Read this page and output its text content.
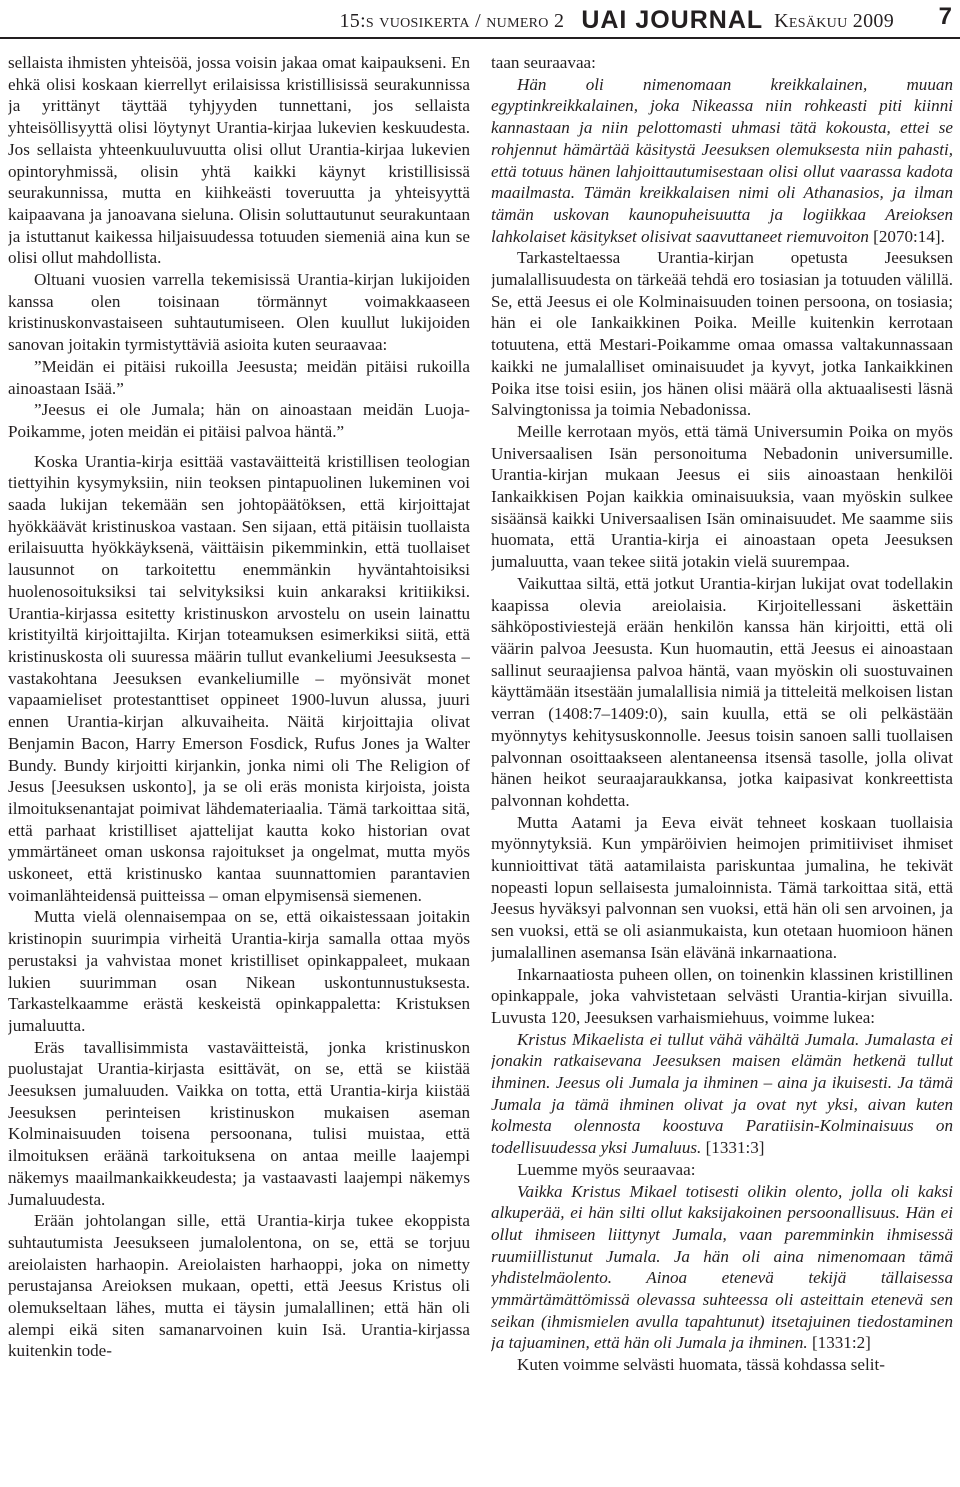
15:s vuosikerta / numero 2 UAI JOURNAL Kesäkuu 2009 7

sellaista ihmisten yhteisöä, jossa voisin jakaa omat kaipaukseni. En ehkä olisi koskaan kierrellyt erilaisissa kristillisissä seurakunnissa ja yrittänyt täyttää tyhjyyden tunnettani, jos sellaista yhteisöllisyyttä olisi löytynyt Urantia-kirjaa lukevien keskuudesta. Jos sellaista yhteenkuuluvuutta olisi ollut Urantia-kirjaa lukevien opintoryhmissä, olisin yhtä kaikki käynyt kristillisissä seurakunnissa, mutta en kiihkeästi toveruutta ja yhteisyyttä kaipaavana ja janoavana sieluna. Olisin soluttautunut seurakuntaan ja istuttanut kaikessa hiljaisuudessa totuuden siemeniä aina kun se olisi ollut mahdollista.

Oltuani vuosien varrella tekemisissä Urantia-kirjan lukijoiden kanssa olen toisinaan törmännyt voimakkaaseen kristinuskonvastaiseen suhtautumiseen. Olen kuullut lukijoiden sanovan joitakin tyrmistyttäviä asioita kuten seuraavaa:

”Meidän ei pitäisi rukoilla Jeesusta; meidän pitäisi rukoilla ainoastaan Isää.”

”Jeesus ei ole Jumala; hän on ainoastaan meidän Luoja-Poikamme, joten meidän ei pitäisi palvoa häntä.”

Koska Urantia-kirja esittää vastaväitteitä kristillisen teologian tiettyihin kysymyksiin, niin teoksen pintapuolinen lukeminen voi saada lukijan tekemään sen johtopäätöksen, että kirjoittajat hyökkäävät kristinuskoa vastaan. Sen sijaan, että pitäisin tuollaista erilaisuutta hyökkäyksenä, väittäisin pikemminkin, että tuollaiset lausunnot on tarkoitettu enemmänkin hyväntahtoisiksi huolenosoituksiksi tai selvityksiksi kuin ankaraksi kritiikiksi. Urantia-kirjassa esitetty kristinuskon arvostelu on usein lainattu kristityiltä kirjoittajilta. Kirjan toteamuksen esimerkiksi siitä, että kristinuskosta oli suuressa määrin tullut evankeliumi Jeesuksesta – vastakohtana Jeesuksen evankeliumille – myönsivät monet vapaamieliset protestanttiset oppineet 1900-luvun alussa, juuri ennen Urantia-kirjan alkuvaiheita. Näitä kirjoittajia olivat Benjamin Bacon, Harry Emerson Fosdick, Rufus Jones ja Walter Bundy. Bundy kirjoitti kirjankin, jonka nimi oli The Religion of Jesus [Jeesuksen uskonto], ja se oli eräs monista kirjoista, joista ilmoituksenantajat poimivat lähdemateriaalia. Tämä tarkoittaa sitä, että parhaat kristilliset ajattelijat kautta koko historian ovat ymmärtäneet oman uskonsa rajoitukset ja ongelmat, mutta myös uskoneet, että kristinusko kantaa suunnattomien parantavien voimanlähteidensä puitteissa – oman elpymisensä siemenen.

Mutta vielä olennaisempaa on se, että oikaistessaan joitakin kristinopin suurimpia virheitä Urantia-kirja samalla ottaa myös perustaksi ja vahvistaa monet kristilliset opinkappaleet, mukaan lukien suurimman osan Nikean uskontunnustuksesta. Tarkastelkaamme erästä keskeistä opinkappaletta: Kristuksen jumaluutta.

Eräs tavallisimmista vastaväitteistä, jonka kristinuskon puolustajat Urantia-kirjasta esittävät, on se, että se kiistää Jeesuksen jumaluuden. Vaikka on totta, että Urantia-kirja kiistää Jeesuksen perinteisen kristinuskon mukaisen aseman Kolminaisuuden toisena persoonana, tulisi muistaa, että ilmoituksen eräänä tarkoituksena on antaa meille laajempi näkemys maailmankaikkeudesta; ja vastaavasti laajempi näkemys Jumaluudesta.

Erään johtolangan sille, että Urantia-kirja tukee ekoppista suhtautumista Jeesukseen jumalolentona, on se, että se torjuu areiolaisten harhaopin. Areiolaisten harhaoppi, joka on nimetty perustajansa Areioksen mukaan, opetti, että Jeesus Kristus oli olemukseltaan lähes, mutta ei täysin jumalallinen; että hän oli alempi eikä siten samanarvoinen kuin Isä. Urantia-kirjassa kuitenkin tode-

taan seuraavaa:

Hän oli nimenomaan kreikkalainen, muuan egyptinkreikkalainen, joka Nikeassa niin rohkeasti piti kiinni kannastaan ja niin pelottomasti uhmasi tätä kokousta, ettei se rohjennut hämärtää käsitystä Jeesuksen olemuksesta niin pahasti, että totuus hänen lahjoittautumisestaan olisi ollut vaarassa kadota maailmasta. Tämän kreikkalaisen nimi oli Athanasios, ja ilman tämän uskovan kaunopuheisuutta ja logiikkaa Areioksen lahkolaiset käsitykset olisivat saavuttaneet riemuvoiton [2070:14].

Tarkasteltaessa Urantia-kirjan opetusta Jeesuksen jumalallisuudesta on tärkeää tehdä ero tosiasian ja totuuden välillä. Se, että Jeesus ei ole Kolminaisuuden toinen persoona, on tosiasia; hän ei ole Iankaikkinen Poika. Meille kuitenkin kerrotaan totuutena, että Mestari-Poikamme omaa omassa valtakunnassaan kaikki ne jumalalliset ominaisuudet ja kyvyt, jotka Iankaikkinen Poika itse toisi esiin, jos hänen olisi määrä olla aktuaalisesti läsnä Salvingtonissa ja toimia Nebadonissa.

Meille kerrotaan myös, että tämä Universumin Poika on myös Universaalisen Isän personoituma Nebadonin universumille. Urantia-kirjan mukaan Jeesus ei siis ainoastaan henkilöi Iankaikkisen Pojan kaikkia ominaisuuksia, vaan myöskin sulkee sisäänsä kaikki Universaalisen Isän ominaisuudet. Me saamme siis huomata, että Urantia-kirja ei ainoastaan opeta Jeesuksen jumaluutta, vaan tekee siitä jotakin vielä suurempaa.

Vaikuttaa siltä, että jotkut Urantia-kirjan lukijat ovat todellakin kaapissa olevia areiolaisia. Kirjoitellessani äskettäin sähköpostiviestejä erään henkilön kanssa hän kirjoitti, että oli väärin palvoa Jeesusta. Kun huomautin, että Jeesus ei ainoastaan sallinut seuraajiensa palvoa häntä, vaan myöskin oli suostuvainen käyttämään itsestään jumalallisia nimiä ja titteleitä melkoisen listan verran (1408:7–1409:0), sain kuulla, että se oli pelkästään myönnytys kehitysuskonnolle. Jeesus toisin sanoen salli tuollaisen palvonnan osoittaakseen alentaneensa itsensä tasolle, jolla olivat hänen heikot seuraajaraukkansa, jotka kaipasivat konkreettista palvonnan kohdetta.

Mutta Aatami ja Eeva eivät tehneet koskaan tuollaisia myönnytyksiä. Kun ympäröivien heimojen primitiiviset ihmiset kunnioittivat tätä aatamilaista pariskuntaa jumalina, he tekivät nopeasti lopun sellaisesta jumaloinnista. Tämä tarkoittaa sitä, että Jeesus hyväksyi palvonnan sen vuoksi, että hän oli sen arvoinen, ja sen vuoksi, että se oli asianmukaista, kun otetaan huomioon hänen jumalallinen asemansa Isän elävänä inkarnaationa.

Inkarnaatiosta puheen ollen, on toinenkin klassinen kristillinen opinkappale, joka vahvistetaan selvästi Urantia-kirjan sivuilla. Luvusta 120, Jeesuksen varhaismiehuus, voimme lukea:

Kristus Mikaelista ei tullut vähä vähältä Jumala. Jumalasta ei jonakin ratkaisevana Jeesuksen maisen elämän hetkenä tullut ihminen. Jeesus oli Jumala ja ihminen – aina ja ikuisesti. Ja tämä Jumala ja tämä ihminen olivat ja ovat nyt yksi, aivan kuten kolmesta olennosta koostuva Paratiisin-Kolminaisuus on todellisuudessa yksi Jumaluus. [1331:3]

Luemme myös seuraavaa:

Vaikka Kristus Mikael totisesti olikin olento, jolla oli kaksi alkuperää, ei hän silti ollut kaksijakoinen persoonallisuus. Hän ei ollut ihmiseen liittynyt Jumala, vaan paremminkin ihmisessä ruumiillistunut Jumala. Ja hän oli aina nimenomaan tämä yhdistelmäolento. Ainoa etenevä tekijä tällaisessa ymmärtämättömissä olevassa suhteessa oli asteittain etenevä sen seikan (ihmismielen avulla tapahtunut) itsetajuinen tiedostaminen ja tajuaminen, että hän oli Jumala ja ihminen. [1331:2]

Kuten voimme selvästi huomata, tässä kohdassa selit-
